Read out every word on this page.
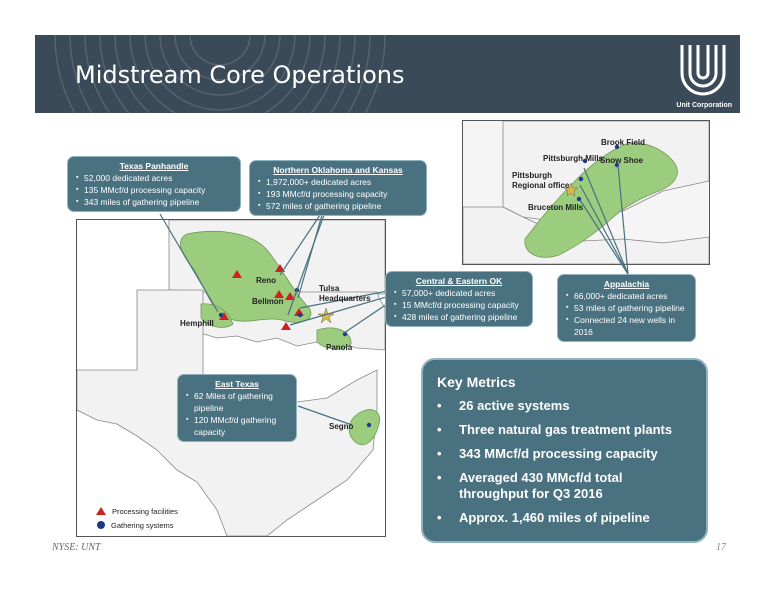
Midstream Core Operations
Unit Corporation
Reno
Bellmon
Hemphill
Tulsa Headquarters
Panola
Segno
Brook Field
Pittsburgh Mills
Snow Shoe
Pittsburgh Regional office
Bruceton Mills
Texas Panhandle
▪ 52,000 dedicated acres
▪ 135 MMcf/d processing capacity
▪ 343 miles of gathering pipeline
Northern Oklahoma and Kansas
▪ 1,972,000+ dedicated acres
▪ 193 MMcf/d processing capacity
▪ 572 miles of gathering pipeline
Central & Eastern OK
▪ 57,000+ dedicated acres
▪ 15 MMcf/d processing capacity
▪ 428 miles of gathering pipeline
East Texas
▪ 62 Miles of gathering pipeline
▪ 120 MMcf/d gathering capacity
Appalachia
▪ 66,000+ dedicated acres
▪ 53 miles of gathering pipeline
▪ Connected 24 new wells in 2016
Processing facilities
Gathering systems
Key Metrics
• 26 active systems
• Three natural gas treatment plants
• 343 MMcf/d processing capacity
• Averaged 430 MMcf/d total throughput for Q3 2016
• Approx. 1,460 miles of pipeline
NYSE: UNT	17
